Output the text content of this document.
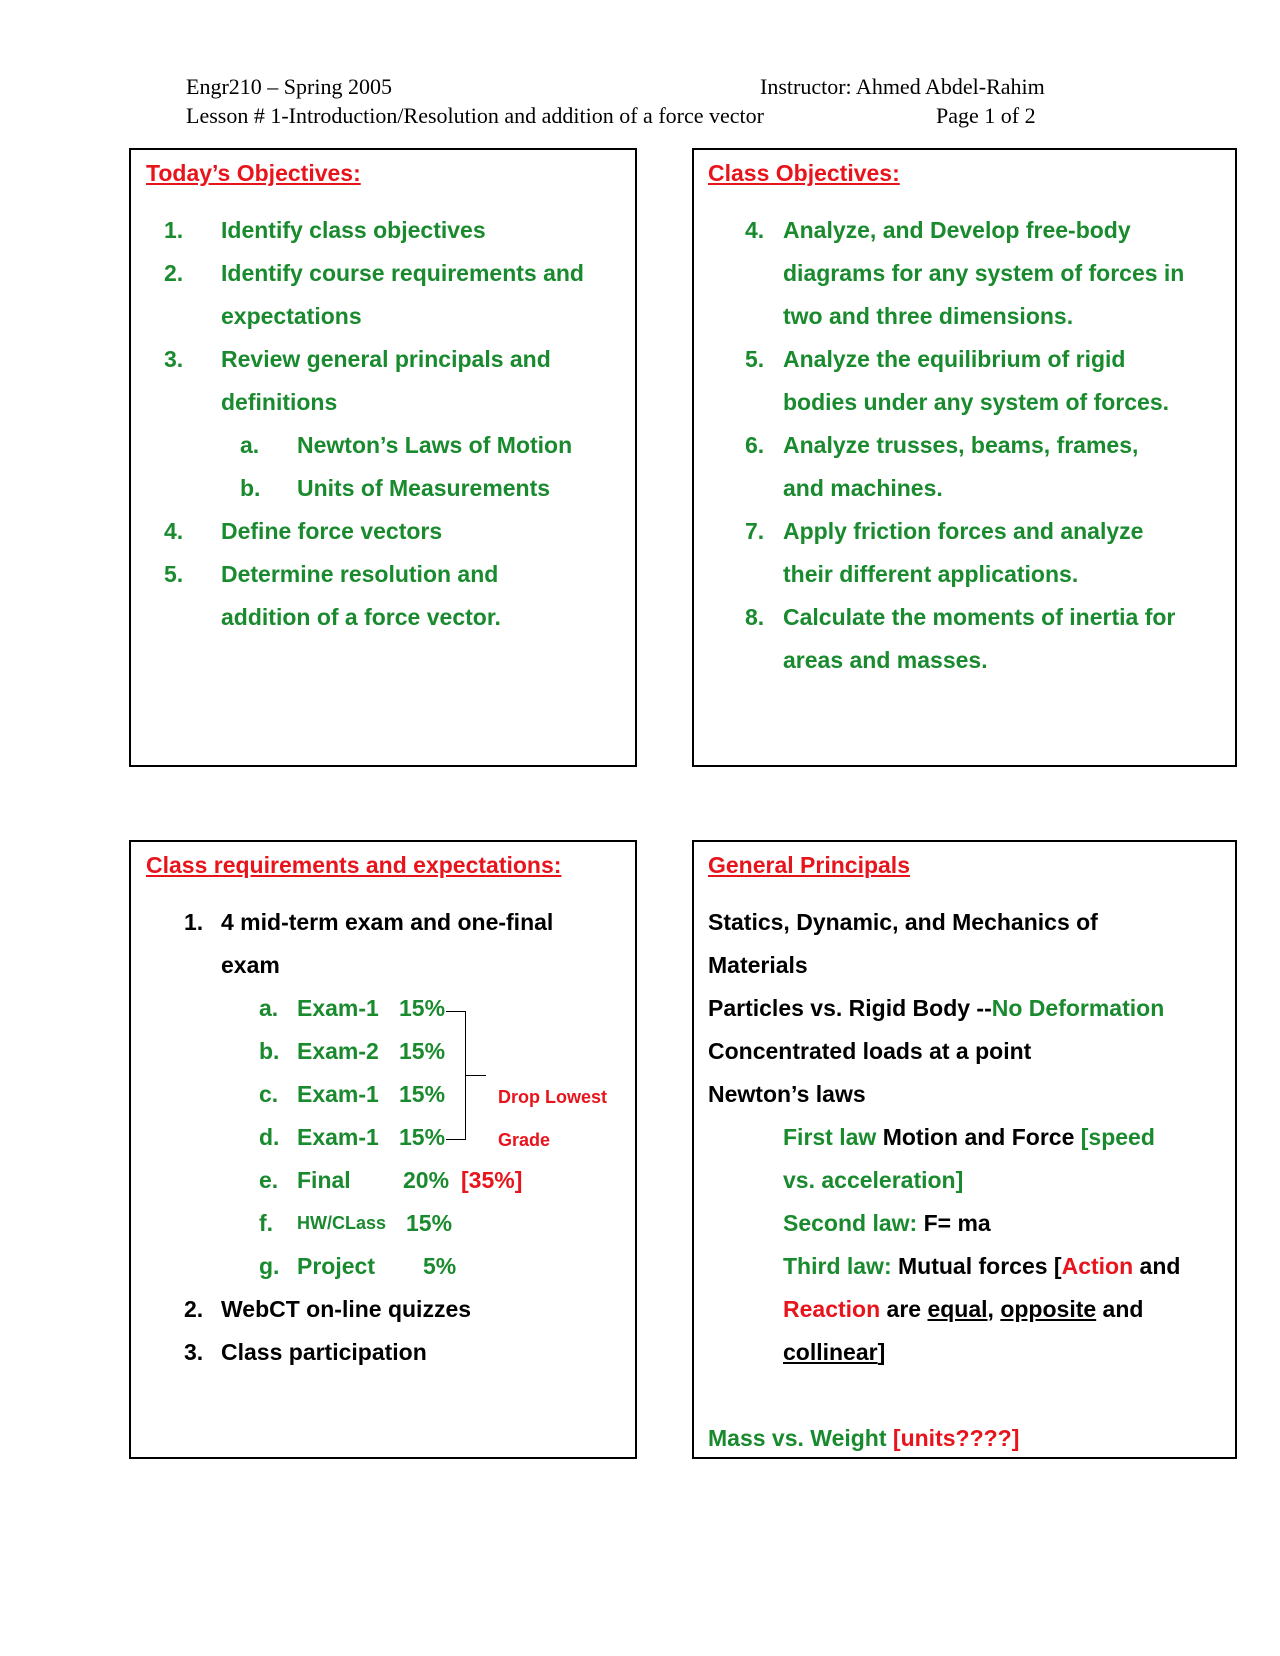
Engr210 – Spring 2005	Instructor: Ahmed Abdel-Rahim
Lesson # 1-Introduction/Resolution and addition of a force vector	Page 1 of 2
Today’s Objectives:
1. Identify class objectives
2. Identify course requirements and
expectations
3. Review general principals and
definitions
a. Newton’s Laws of Motion
b. Units of Measurements
4. Define force vectors
5. Determine resolution and
addition of a force vector.
Class Objectives:
4. Analyze, and Develop free-body
diagrams for any system of forces in
two and three dimensions.
5. Analyze the equilibrium of rigid
bodies under any system of forces.
6. Analyze trusses, beams, frames,
and machines.
7. Apply friction forces and analyze
their different applications.
8. Calculate the moments of inertia for
areas and masses.
Class requirements and expectations:
1. 4 mid-term exam and one-final
exam
a. Exam-1 15%
b. Exam-2 15%
c. Exam-1 15%
d. Exam-1 15%
e. Final 20% [35%]
f. HW/CLass 15%
g. Project 5%
Drop Lowest
Grade
2. WebCT on-line quizzes
3. Class participation
General Principals
Statics, Dynamic, and Mechanics of
Materials
Particles vs. Rigid Body --No Deformation
Concentrated loads at a point
Newton’s laws
First law Motion and Force [speed
vs. acceleration]
Second law: F= ma
Third law: Mutual forces [Action and
Reaction are equal, opposite and
collinear]
Mass vs. Weight [units????]
